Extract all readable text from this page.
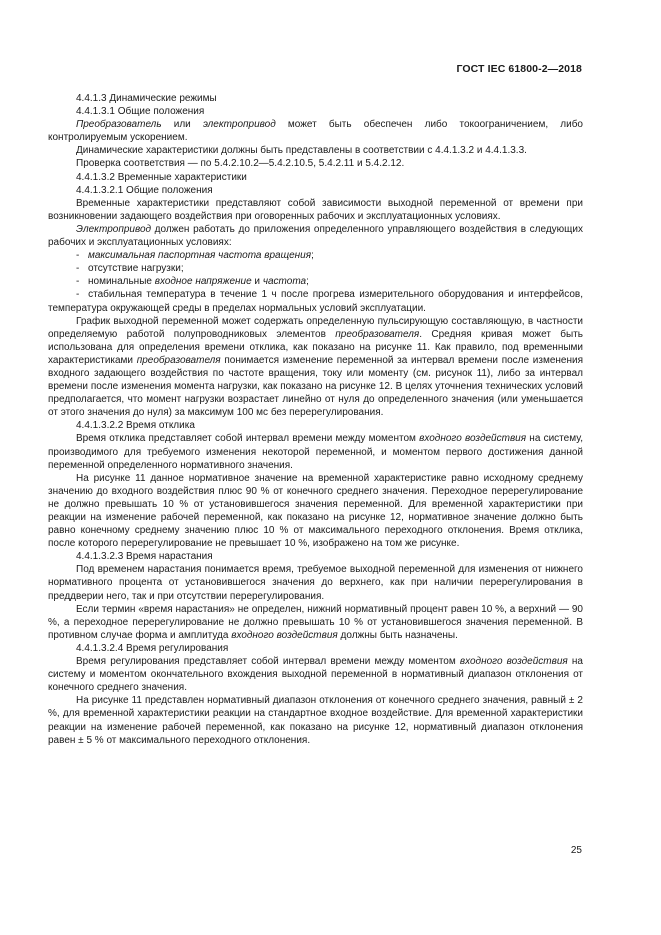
ГОСТ IEC 61800-2—2018

4.4.1.3 Динамические режимы

4.4.1.3.1 Общие положения

Преобразователь или электропривод может быть обеспечен либо токоограничением, либо контролируемым ускорением.

Динамические характеристики должны быть представлены в соответствии с 4.4.1.3.2 и 4.4.1.3.3.

Проверка соответствия — по 5.4.2.10.2—5.4.2.10.5, 5.4.2.11 и 5.4.2.12.

4.4.1.3.2 Временные характеристики

4.4.1.3.2.1 Общие положения

Временные характеристики представляют собой зависимости выходной переменной от времени при возникновении задающего воздействия при оговоренных рабочих и эксплуатационных условиях.

Электропривод должен работать до приложения определенного управляющего воздействия в следующих рабочих и эксплуатационных условиях:

- максимальная паспортная частота вращения;

- отсутствие нагрузки;

- номинальные входное напряжение и частота;

-  стабильная температура в течение 1 ч после прогрева измерительного оборудования и интерфейсов, температура окружающей среды в пределах нормальных условий эксплуатации.

График выходной переменной может содержать определенную пульсирующую составляющую, в частности определяемую работой полупроводниковых элементов преобразователя. Средняя кривая может быть использована для определения времени отклика, как показано на рисунке 11. Как правило, под временными характеристиками преобразователя понимается изменение переменной за интервал времени после изменения входного задающего воздействия по частоте вращения, току или моменту (см. рисунок 11), либо за интервал времени после изменения момента нагрузки, как показано на рисунке 12. В целях уточнения технических условий предполагается, что момент нагрузки возрастает линейно от нуля до определенного значения (или уменьшается от этого значения до нуля) за максимум 100 мс без перерегулирования.

4.4.1.3.2.2 Время отклика

Время отклика представляет собой интервал времени между моментом входного воздействия на систему, производимого для требуемого изменения некоторой переменной, и моментом первого достижения данной переменной определенного нормативного значения.

На рисунке 11 данное нормативное значение на временной характеристике равно исходному среднему значению до входного воздействия плюс 90 % от конечного среднего значения. Переходное перерегулирование не должно превышать 10 % от установившегося значения переменной. Для временной характеристики при реакции на изменение рабочей переменной, как показано на рисунке 12, нормативное значение должно быть равно конечному среднему значению плюс 10 % от максимального переходного отклонения. Время отклика, после которого перерегулирование не превышает 10 %, изображено на том же рисунке.

4.4.1.3.2.3 Время нарастания

Под временем нарастания понимается время, требуемое выходной переменной для изменения от нижнего нормативного процента от установившегося значения до верхнего, как при наличии перерегулирования в преддверии него, так и при отсутствии перерегулирования.

Если термин «время нарастания» не определен, нижний нормативный процент равен 10 %, а верхний — 90 %, а переходное перерегулирование не должно превышать 10 % от установившегося значения переменной. В противном случае форма и амплитуда входного воздействия должны быть назначены.

4.4.1.3.2.4 Время регулирования

Время регулирования представляет собой интервал времени между моментом входного воздействия на систему и моментом окончательного вхождения выходной переменной в нормативный диапазон отклонения от конечного среднего значения.

На рисунке 11 представлен нормативный диапазон отклонения от конечного среднего значения, равный ± 2 %, для временной характеристики реакции на стандартное входное воздействие. Для временной характеристики реакции на изменение рабочей переменной, как показано на рисунке 12, нормативный диапазон отклонения равен ± 5 % от максимального переходного отклонения.

25
